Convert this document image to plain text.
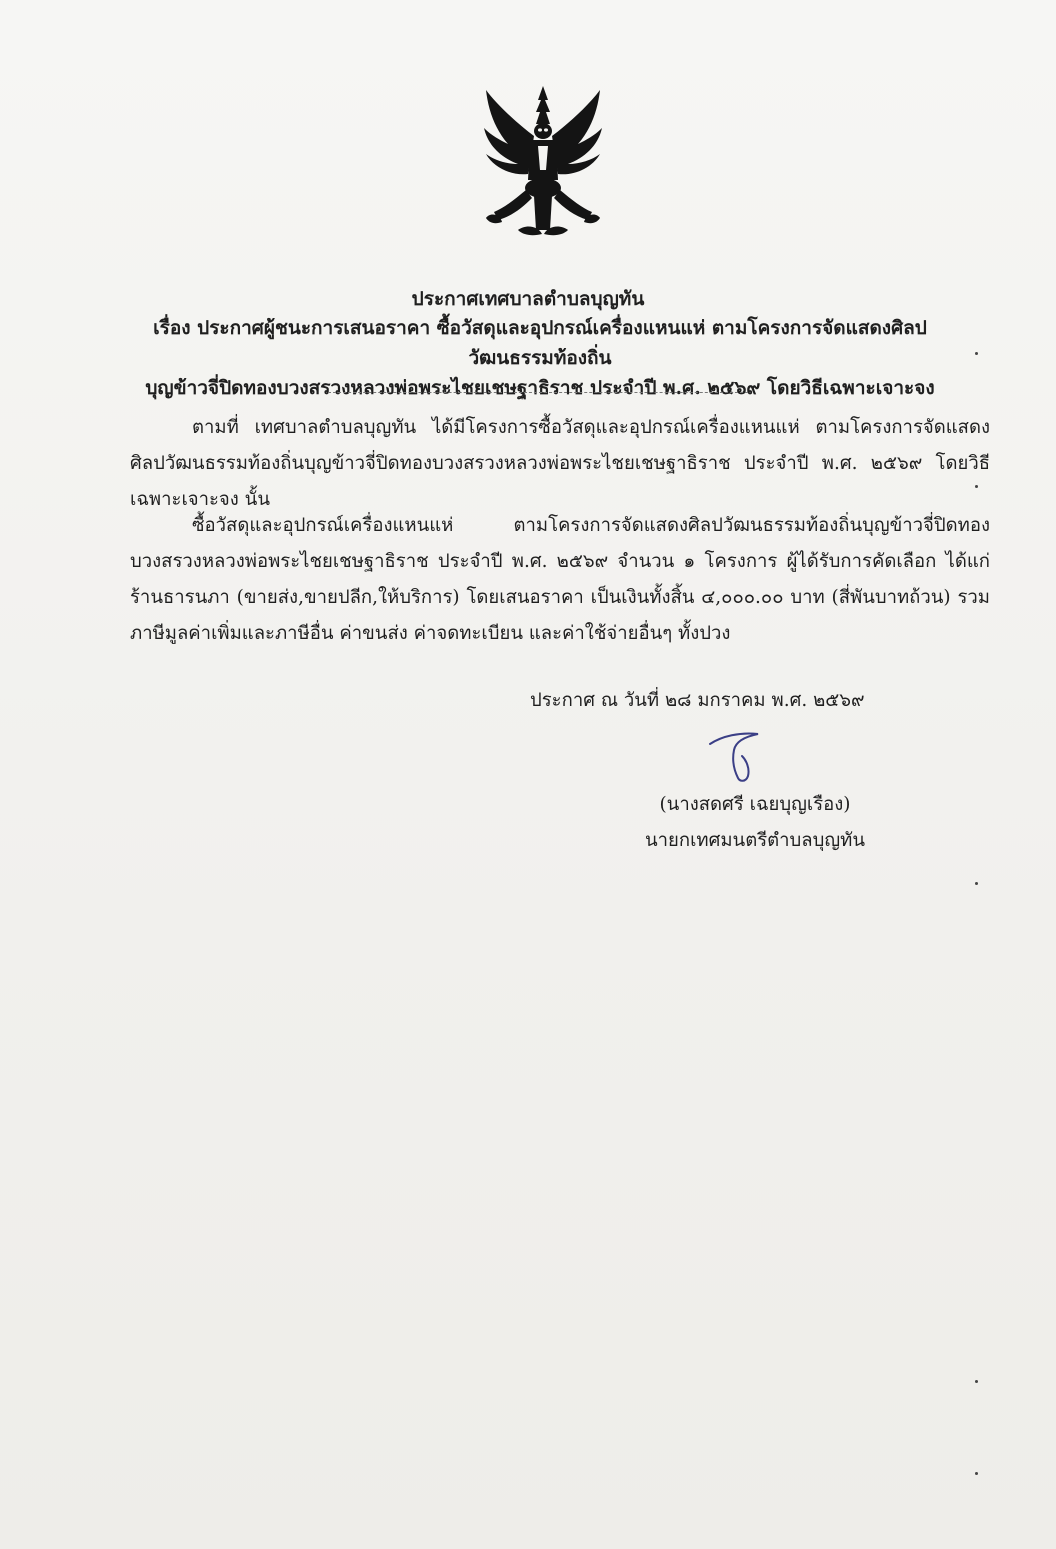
ประกาศเทศบาลตำบลบุญทัน
เรื่อง ประกาศผู้ชนะการเสนอราคา ซื้อวัสดุและอุปกรณ์เครื่องแหนแห่ ตามโครงการจัดแสดงศิลปวัฒนธรรมท้องถิ่น
บุญข้าวจี่ปิดทองบวงสรวงหลวงพ่อพระไชยเชษฐาธิราช ประจำปี พ.ศ. ๒๕๖๙ โดยวิธีเฉพาะเจาะจง
ตามที่ เทศบาลตำบลบุญทัน ได้มีโครงการซื้อวัสดุและอุปกรณ์เครื่องแหนแห่ ตามโครงการจัดแสดงศิลปวัฒนธรรมท้องถิ่นบุญข้าวจี่ปิดทองบวงสรวงหลวงพ่อพระไชยเชษฐาธิราช ประจำปี พ.ศ. ๒๕๖๙ โดยวิธีเฉพาะเจาะจง นั้น
ซื้อวัสดุและอุปกรณ์เครื่องแหนแห่ ตามโครงการจัดแสดงศิลปวัฒนธรรมท้องถิ่นบุญข้าวจี่ปิดทองบวงสรวงหลวงพ่อพระไชยเชษฐาธิราช ประจำปี พ.ศ. ๒๕๖๙ จำนวน ๑ โครงการ ผู้ได้รับการคัดเลือก ได้แก่ ร้านธารนภา (ขายส่ง,ขายปลีก,ให้บริการ) โดยเสนอราคา เป็นเงินทั้งสิ้น ๔,๐๐๐.๐๐ บาท (สี่พันบาทถ้วน) รวมภาษีมูลค่าเพิ่มและภาษีอื่น ค่าขนส่ง ค่าจดทะเบียน และค่าใช้จ่ายอื่นๆ ทั้งปวง
ประกาศ ณ วันที่ ๒๘ มกราคม พ.ศ. ๒๕๖๙
(นางสดศรี เฉยบุญเรือง)
นายกเทศมนตรีตำบลบุญทัน
